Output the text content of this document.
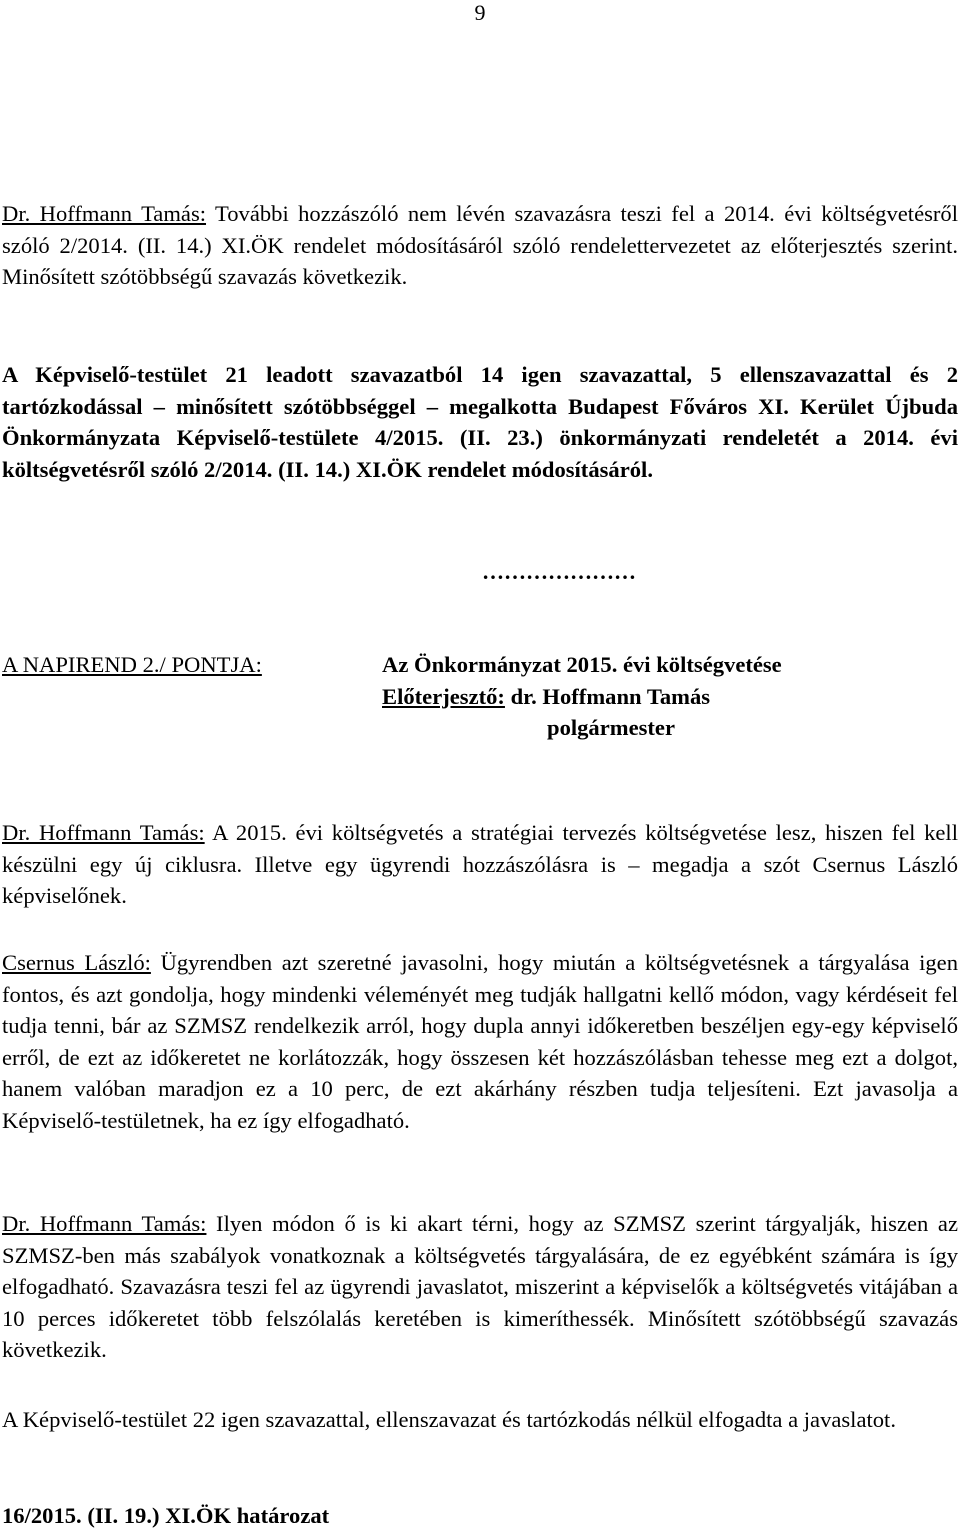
9

Dr. Hoffmann Tamás: További hozzászóló nem lévén szavazásra teszi fel a 2014. évi költségvetésről szóló 2/2014. (II. 14.) XI.ÖK rendelet módosításáról szóló rendelettervezetet az előterjesztés szerint. Minősített szótöbbségű szavazás következik.

A Képviselő-testület 21 leadott szavazatból 14 igen szavazattal, 5 ellenszavazattal és 2 tartózkodással – minősített szótöbbséggel – megalkotta Budapest Főváros XI. Kerület Újbuda Önkormányzata Képviselő-testülete 4/2015. (II. 23.) önkormányzati rendeletét a 2014. évi költségvetésről szóló 2/2014. (II. 14.) XI.ÖK rendelet módosításáról.

…………………
A NAPIREND 2./ PONTJA:	Az Önkormányzat 2015. évi költségvetése
Előterjesztő: dr. Hoffmann Tamás
polgármester

Dr. Hoffmann Tamás: A 2015. évi költségvetés a stratégiai tervezés költségvetése lesz, hiszen fel kell készülni egy új ciklusra. Illetve egy ügyrendi hozzászólásra is – megadja a szót Csernus László képviselőnek.

Csernus László: Ügyrendben azt szeretné javasolni, hogy miután a költségvetésnek a tárgyalása igen fontos, és azt gondolja, hogy mindenki véleményét meg tudják hallgatni kellő módon, vagy kérdéseit fel tudja tenni, bár az SZMSZ rendelkezik arról, hogy dupla annyi időkeretben beszéljen egy-egy képviselő erről, de ezt az időkeretet ne korlátozzák, hogy összesen két hozzászólásban tehesse meg ezt a dolgot, hanem valóban maradjon ez a 10 perc, de ezt akárhány részben tudja teljesíteni. Ezt javasolja a Képviselő-testületnek, ha ez így elfogadható.

Dr. Hoffmann Tamás: Ilyen módon ő is ki akart térni, hogy az SZMSZ szerint tárgyalják, hiszen az SZMSZ-ben más szabályok vonatkoznak a költségvetés tárgyalására, de ez egyébként számára is így elfogadható. Szavazásra teszi fel az ügyrendi javaslatot, miszerint a képviselők a költségvetés vitájában a 10 perces időkeretet több felszólalás keretében is kimeríthessék. Minősített szótöbbségű szavazás következik.

A Képviselő-testület 22 igen szavazattal, ellenszavazat és tartózkodás nélkül elfogadta a javaslatot.

16/2015. (II. 19.) XI.ÖK határozat
